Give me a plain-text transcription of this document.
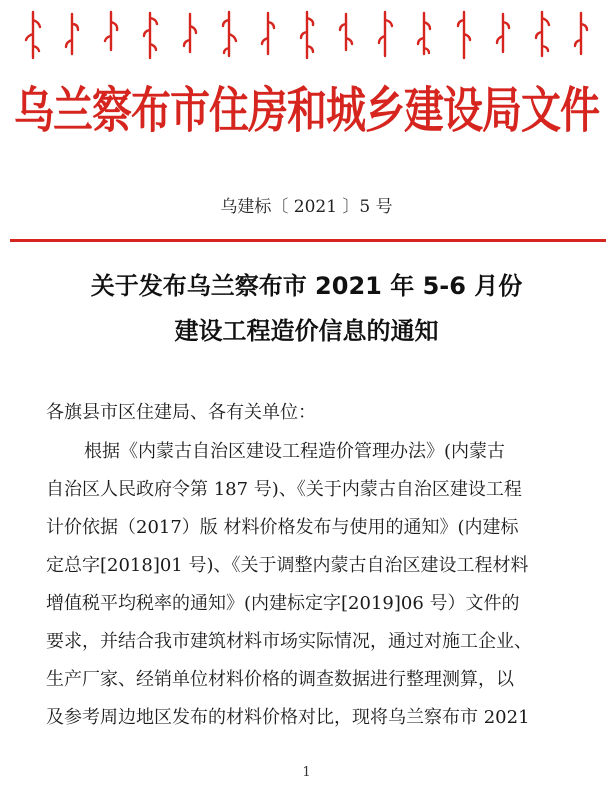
乌兰察布市住房和城乡建设局文件
乌建标〔 2021 〕5 号
关于发布乌兰察布市 2021 年 5-6 月份
建设工程造价信息的通知
各旗县市区住建局、各有关单位：
根据《内蒙古自治区建设工程造价管理办法》(内蒙古
自治区人民政府令第 187 号)、《关于内蒙古自治区建设工程
计价依据（2017）版 材料价格发布与使用的通知》(内建标
定总字[2018]01 号)、《关于调整内蒙古自治区建设工程材料
增值税平均税率的通知》(内建标定字[2019]06 号）文件的
要求，并结合我市建筑材料市场实际情况，通过对施工企业、
生产厂家、经销单位材料价格的调查数据进行整理测算，以
及参考周边地区发布的材料价格对比，现将乌兰察布市 2021
1
